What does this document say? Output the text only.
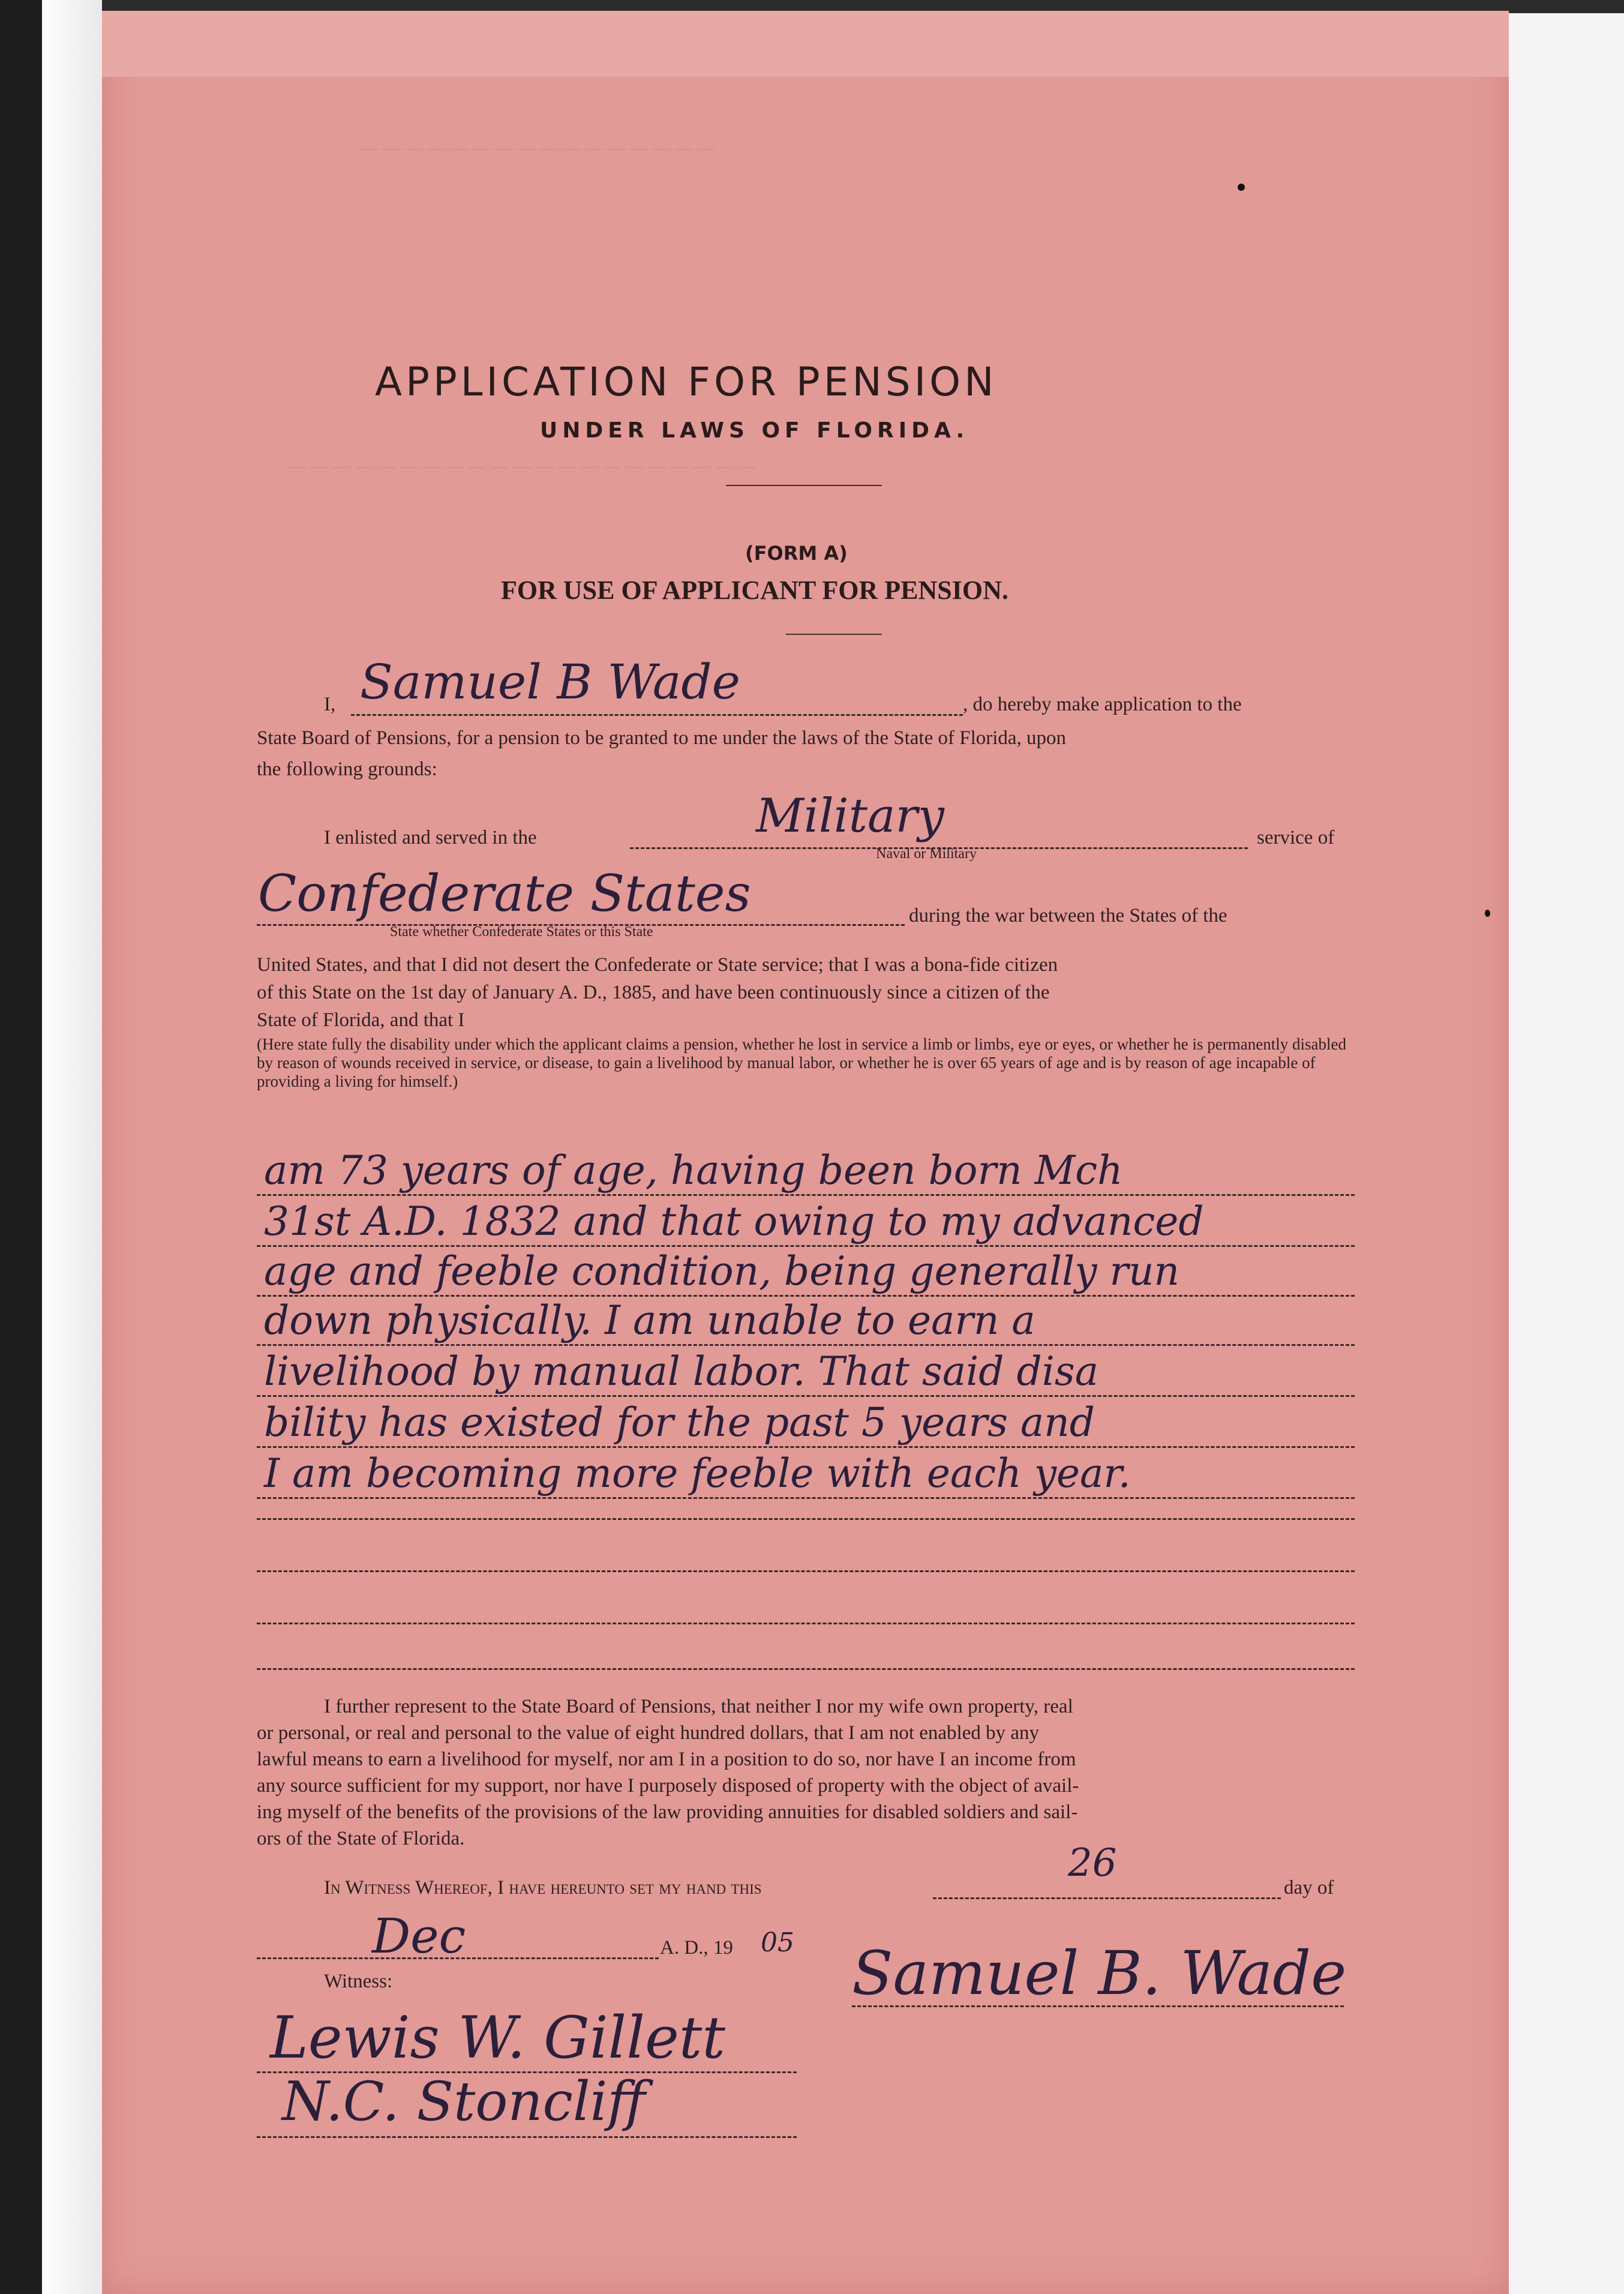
— — — — — — — — — — — — — — — —
— — — — — — — — — — — — — — — — — — — — —
APPLICATION FOR PENSION
UNDER LAWS OF FLORIDA.
(FORM A)
FOR USE OF APPLICANT FOR PENSION.
I, Samuel B Wade	, do hereby make application to the
State Board of Pensions, for a pension to be granted to me under the laws of the State of Florida, upon
the following grounds:
I enlisted and served in the	Military
Naval or Military
service of
Confederate States
State whether Confederate States or this State
during the war between the States of the
United States, and that I did not desert the Confederate or State service; that I was a bona-fide citizen
of this State on the 1st day of January A. D., 1885, and have been continuously since a citizen of the
State of Florida, and that I
(Here state fully the disability under which the applicant claims a pension, whether he lost in service a limb or limbs, eye or eyes, or whether he is permanently disabled by reason of wounds received in service, or disease, to gain a livelihood by manual labor, or whether he is over 65 years of age and is by reason of age incapable of providing a living for himself.)
am 73 years of age, having been born Mch
31st A.D. 1832 and that owing to my advanced
age and feeble condition, being generally run
down physically. I am unable to earn a
livelihood by manual labor. That said disa
bility has existed for the past 5 years and
I am becoming more feeble with each year.
I further represent to the State Board of Pensions, that neither I nor my wife own property, real
or personal, or real and personal to the value of eight hundred dollars, that I am not enabled by any
lawful means to earn a livelihood for myself, nor am I in a position to do so, nor have I an income from
any source sufficient for my support, nor have I purposely disposed of property with the object of avail-
ing myself of the benefits of the provisions of the law providing annuities for disabled soldiers and sail-
ors of the State of Florida.
In Witness Whereof, I have hereunto set my hand this
26
day of
Dec	A. D., 19 05
Witness:	Samuel B. Wade
Lewis W. Gillett
N.C. Stoncliff
